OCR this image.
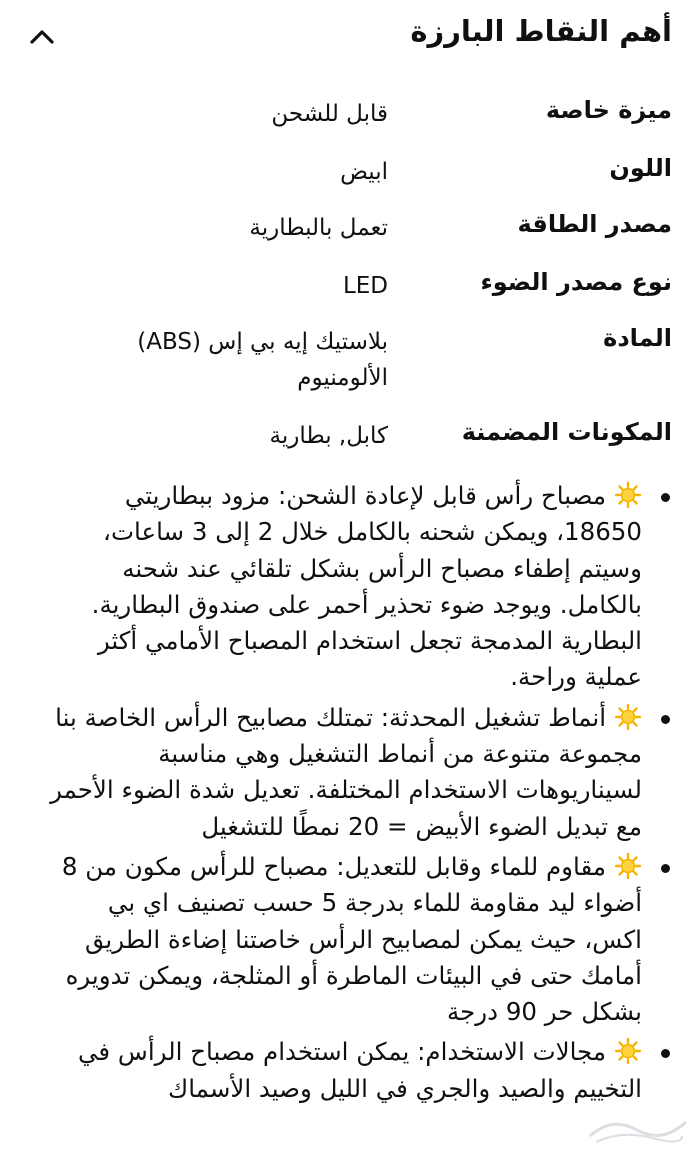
أهم النقاط البارزة
ميزة خاصة
قابل للشحن
اللون
ابيض
مصدر الطاقة
تعمل بالبطارية
نوع مصدر الضوء
LED
المادة
بلاستيك إيه بي إس (ABS) الألومنيوم
المكونات المضمنة
كابل, بطارية
مصباح رأس قابل لإعادة الشحن: مزود ببطاريتي 18650، ويمكن شحنه بالكامل خلال 2 إلى 3 ساعات، وسيتم إطفاء مصباح الرأس بشكل تلقائي عند شحنه بالكامل. ويوجد ضوء تحذير أحمر على صندوق البطارية. البطارية المدمجة تجعل استخدام المصباح الأمامي أكثر عملية وراحة.
أنماط تشغيل المحدثة: تمتلك مصابيح الرأس الخاصة بنا مجموعة متنوعة من أنماط التشغيل وهي مناسبة لسيناريوهات الاستخدام المختلفة. تعديل شدة الضوء الأحمر مع تبديل الضوء الأبيض = 20 نمطًا للتشغيل
مقاوم للماء وقابل للتعديل: مصباح للرأس مكون من 8 أضواء ليد مقاومة للماء بدرجة 5 حسب تصنيف اي بي اكس، حيث يمكن لمصابيح الرأس خاصتنا إضاءة الطريق أمامك حتى في البيئات الماطرة أو المثلجة، ويمكن تدويره بشكل حر 90 درجة
مجالات الاستخدام: يمكن استخدام مصباح الرأس في التخييم والصيد والجري في الليل وصيد الأسماك
